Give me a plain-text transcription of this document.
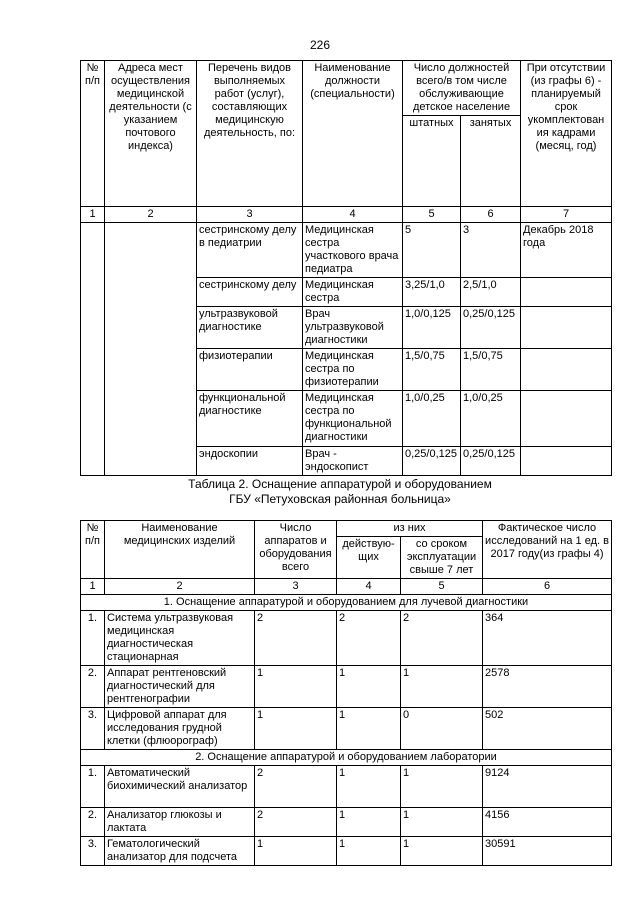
226
№ п/п	Адреса мест осуществления медицинской деятельности (с указанием почтового индекса)	Перечень видов выполняемых работ (услуг), составляющих медицинскую деятельность, по:	Наименование должности (специальности)	Число должностей всего/в том числе обслуживающие детское население		При отсутствии (из графы 6) - планируемый срок укомплектован ия кадрами (месяц, год)
				штатных	занятых	
1	2	3	4	5	6	7
		сестринскому делу в педиатрии	Медицинская сестра участкового врача педиатра	5	3	Декабрь 2018 года
		сестринскому делу	Медицинская сестра	3,25/1,0	2,5/1,0	
		ультразвуковой диагностике	Врач ультразвуковой диагностики	1,0/0,125	0,25/0,125	
		физиотерапии	Медицинская сестра по физиотерапии	1,5/0,75	1,5/0,75	
		функциональной диагностике	Медицинская сестра по функциональной диагностики	1,0/0,25	1,0/0,25	
		эндоскопии	Врач - эндоскопист	0,25/0,125	0,25/0,125	
Таблица 2. Оснащение аппаратурой и оборудованием
ГБУ «Петуховская районная больница»
№ п/п	Наименование медицинских изделий	Число аппаратов и оборудования всего	из них		Фактическое число исследований на 1 ед. в 2017 году(из графы 4)
			действую-щих	со сроком эксплуатации свыше 7 лет	
1	2	3	4	5	6
1. Оснащение аппаратурой и оборудованием для лучевой диагностики					
1.	Система ультразвуковая медицинская диагностическая стационарная	2	2	2	364
2.	Аппарат рентгеновский диагностический для рентгенографии	1	1	1	2578
3.	Цифровой аппарат для исследования грудной клетки (флюорограф)	1	1	0	502
2. Оснащение аппаратурой и оборудованием лаборатории					
1.	Автоматический биохимический анализатор	2	1	1	9124
2.	Анализатор глюкозы и лактата	2	1	1	4156
3.	Гематологический анализатор для подсчета	1	1	1	30591
